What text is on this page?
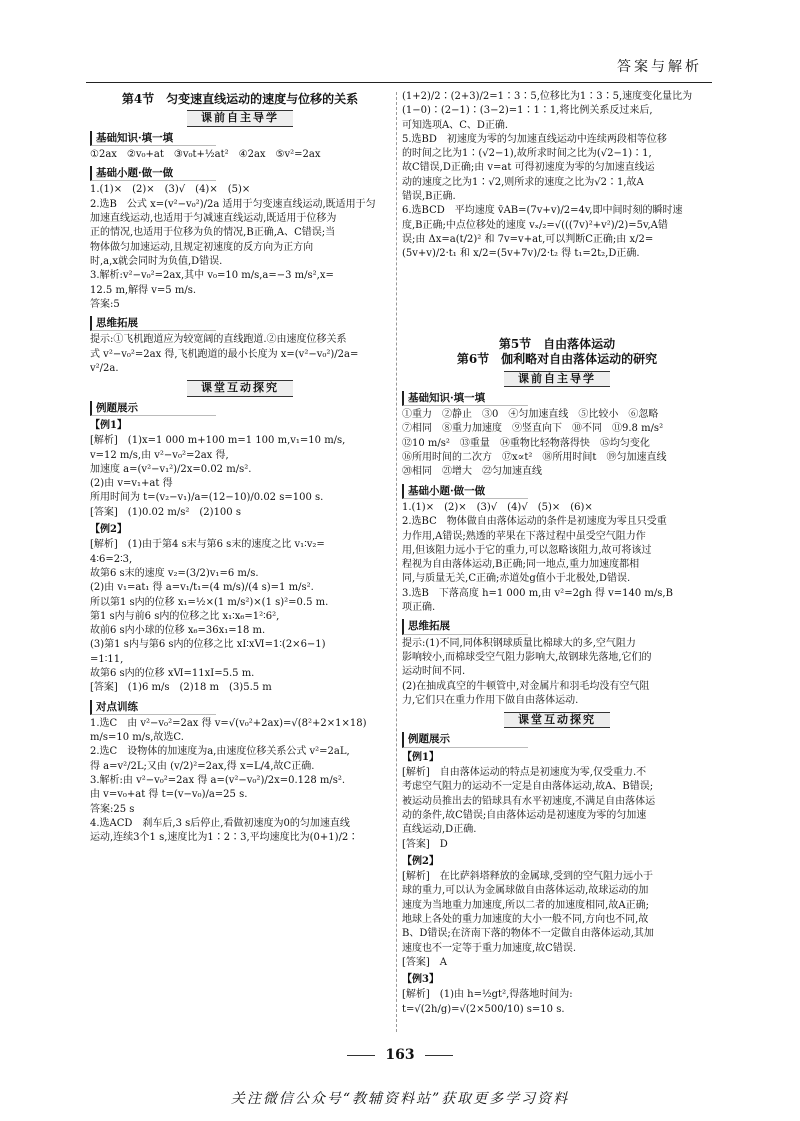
答案与解析
第4节　匀变速直线运动的速度与位移的关系
课前自主导学
基础知识·填一填

①2ax　②v₀+at　③v₀t+½at²　④2ax　⑤v²=2ax

基础小题·做一做

1.(1)×　(2)×　(3)√　(4)×　(5)×

2.选B　公式 x=(v²−v₀²)/2a 适用于匀变速直线运动,既适用于匀

加速直线运动,也适用于匀减速直线运动,既适用于位移为

正的情况,也适用于位移为负的情况,B正确,A、C错误;当

物体做匀加速运动,且规定初速度的反方向为正方向

时,a,x就会同时为负值,D错误.

3.解析:v²−v₀²=2ax,其中 v₀=10 m/s,a=−3 m/s²,x=

12.5 m,解得 v=5 m/s.

答案:5

思维拓展

提示:①飞机跑道应为较宽阔的直线跑道.②由速度位移关系

式 v²−v₀²=2ax 得,飞机跑道的最小长度为 x=(v²−v₀²)/2a=

v²/2a.

课堂互动探究
例题展示
【例1】

[解析]　(1)x=1 000 m+100 m=1 100 m,v₁=10 m/s,

v=12 m/s,由 v²−v₀²=2ax 得,

加速度 a=(v²−v₁²)/2x=0.02 m/s².

(2)由 v=v₁+at 得

所用时间为 t=(v₂−v₁)/a=(12−10)/0.02 s=100 s.

[答案]　(1)0.02 m/s²　(2)100 s

【例2】

[解析]　(1)由于第4 s末与第6 s末的速度之比 v₁∶v₂=

4∶6=2∶3,

故第6 s末的速度 v₂=(3/2)v₁=6 m/s.

(2)由 v₁=at₁ 得 a=v₁/t₁=(4 m/s)/(4 s)=1 m/s².

所以第1 s内的位移 x₁=½×(1 m/s²)×(1 s)²=0.5 m.

第1 s内与前6 s内的位移之比 x₁∶x₆=1²∶6²,

故前6 s内小球的位移 x₆=36x₁=18 m.

(3)第1 s内与第6 s内的位移之比 xⅠ∶xⅥ=1∶(2×6−1)

=1∶11,

故第6 s内的位移 xⅥ=11xⅠ=5.5 m.

[答案]　(1)6 m/s　(2)18 m　(3)5.5 m

对点训练

1.选C　由 v²−v₀²=2ax 得 v=√(v₀²+2ax)=√(8²+2×1×18)

m/s=10 m/s,故选C.

2.选C　设物体的加速度为a,由速度位移关系公式 v²=2aL,

得 a=v²/2L;又由 (v/2)²=2ax,得 x=L/4,故C正确.

3.解析:由 v²−v₀²=2ax 得 a=(v²−v₀²)/2x=0.128 m/s².

由 v=v₀+at 得 t=(v−v₀)/a=25 s.

答案:25 s

4.选ACD　刹车后,3 s后停止,看做初速度为0的匀加速直线

运动,连续3个1 s,速度比为1∶2∶3,平均速度比为(0+1)/2∶

(1+2)/2∶(2+3)/2=1∶3∶5,位移比为1∶3∶5,速度变化量比为

(1−0)∶(2−1)∶(3−2)=1∶1∶1,将比例关系反过来后,

可知选项A、C、D正确.

5.选BD　初速度为零的匀加速直线运动中连续两段相等位移

的时间之比为1∶(√2−1),故所求时间之比为(√2−1)∶1,

故C错误,D正确;由 v=at 可得初速度为零的匀加速直线运

动的速度之比为1∶√2,则所求的速度之比为√2∶1,故A

错误,B正确.

6.选BCD　平均速度 v̄AB=(7v+v)/2=4v,即中间时刻的瞬时速

度,B正确;中点位移处的速度 vₓ/₂=√(((7v)²+v²)/2)=5v,A错

误;由 Δx=a(t/2)² 和 7v=v+at,可以判断C正确;由 x/2=

(5v+v)/2·t₁ 和 x/2=(5v+7v)/2·t₂ 得 t₁=2t₂,D正确.

第5节　自由落体运动
第6节　伽利略对自由落体运动的研究
课前自主导学
基础知识·填一填

①重力　②静止　③0　④匀加速直线　⑤比较小　⑥忽略

⑦相同　⑧重力加速度　⑨竖直向下　⑩不同　⑪9.8 m/s²

⑫10 m/s²　⑬重量　⑭重物比轻物落得快　⑮均匀变化

⑯所用时间的二次方　⑰x∝t²　⑱所用时间t　⑲匀加速直线

⑳相同　㉑增大　㉒匀加速直线

基础小题·做一做

1.(1)×　(2)×　(3)√　(4)√　(5)×　(6)×

2.选BC　物体做自由落体运动的条件是初速度为零且只受重

力作用,A错误;熟透的苹果在下落过程中虽受空气阻力作

用,但该阻力远小于它的重力,可以忽略该阻力,故可将该过

程视为自由落体运动,B正确;同一地点,重力加速度都相

同,与质量无关,C正确;赤道处g值小于北极处,D错误.

3.选B　下落高度 h=1 000 m,由 v²=2gh 得 v=140 m/s,B

项正确.

思维拓展

提示:(1)不同,同体积钢球质量比棉球大的多,空气阻力

影响较小,而棉球受空气阻力影响大,故钢球先落地,它们的

运动时间不同.

(2)在抽成真空的牛顿管中,对金属片和羽毛均没有空气阻

力,它们只在重力作用下做自由落体运动.

课堂互动探究
例题展示
【例1】

[解析]　自由落体运动的特点是初速度为零,仅受重力.不

考虑空气阻力的运动不一定是自由落体运动,故A、B错误;

被运动员推出去的铅球具有水平初速度,不满足自由落体运

动的条件,故C错误;自由落体运动是初速度为零的匀加速

直线运动,D正确.

[答案]　D

【例2】

[解析]　在比萨斜塔释放的金属球,受到的空气阻力远小于

球的重力,可以认为金属球做自由落体运动,故球运动的加

速度为当地重力加速度,所以二者的加速度相同,故A正确;

地球上各处的重力加速度的大小一般不同,方向也不同,故

B、D错误;在济南下落的物体不一定做自由落体运动,其加

速度也不一定等于重力加速度,故C错误.

[答案]　A

【例3】

[解析]　(1)由 h=½gt²,得落地时间为:

t=√(2h/g)=√(2×500/10) s=10 s.

163
关注微信公众号“教辅资料站”获取更多学习资料
